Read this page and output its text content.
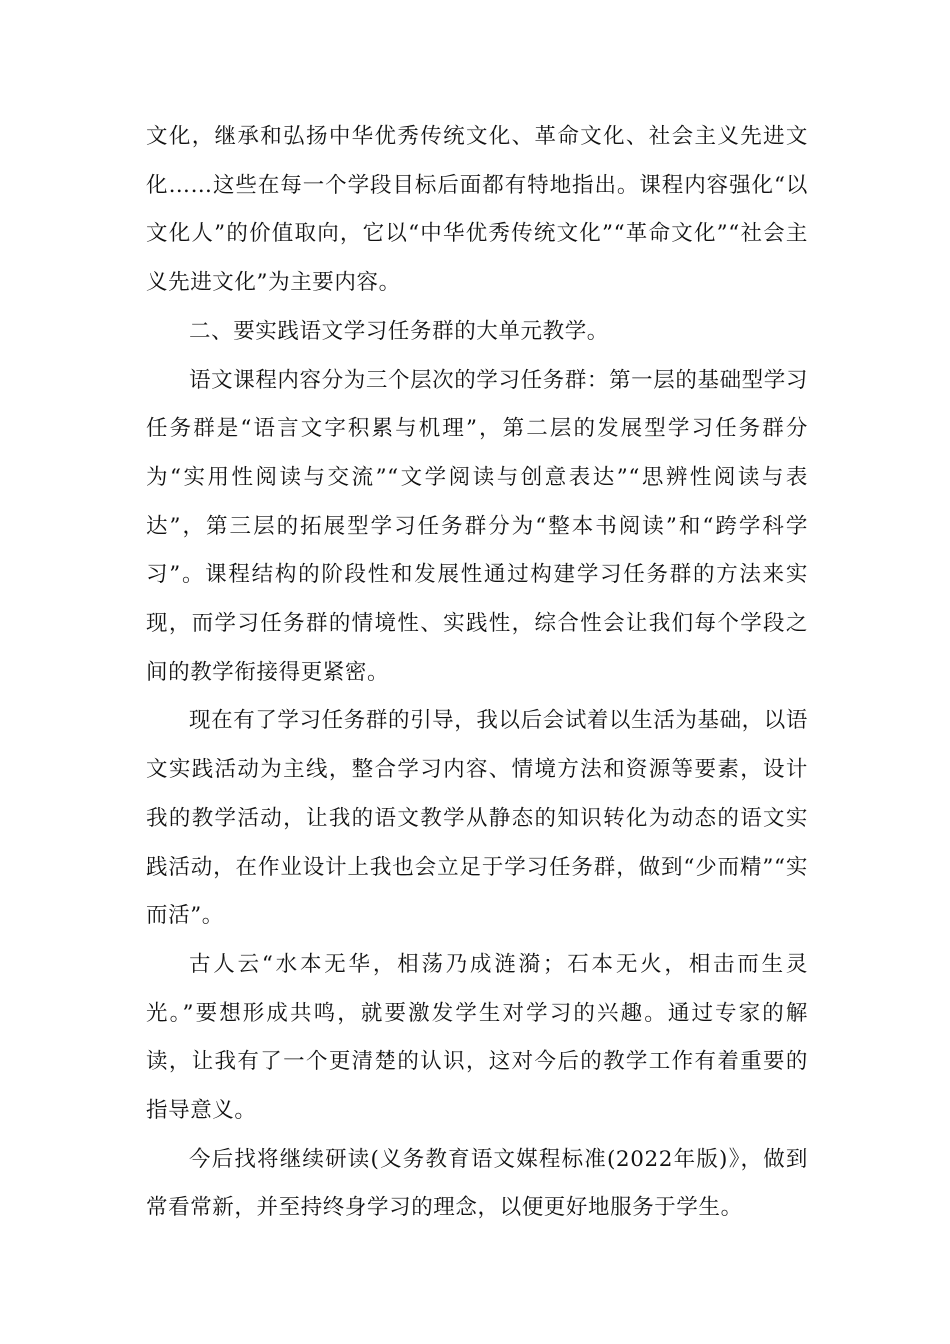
文化，继承和弘扬中华优秀传统文化、革命文化、社会主义先进文化……这些在每一个学段目标后面都有特地指出。课程内容强化“以文化人”的价值取向，它以“中华优秀传统文化”“革命文化”“社会主义先进文化”为主要内容。

二、要实践语文学习任务群的大单元教学。

语文课程内容分为三个层次的学习任务群：第一层的基础型学习任务群是“语言文字积累与机理”，第二层的发展型学习任务群分为“实用性阅读与交流”“文学阅读与创意表达”“思辨性阅读与表达”，第三层的拓展型学习任务群分为“整本书阅读”和“跨学科学习”。课程结构的阶段性和发展性通过构建学习任务群的方法来实现，而学习任务群的情境性、实践性，综合性会让我们每个学段之间的教学衔接得更紧密。

现在有了学习任务群的引导，我以后会试着以生活为基础，以语文实践活动为主线，整合学习内容、情境方法和资源等要素，设计我的教学活动，让我的语文教学从静态的知识转化为动态的语文实践活动，在作业设计上我也会立足于学习任务群，做到“少而精”“实而活”。

古人云“水本无华，相荡乃成涟漪；石本无火，相击而生灵光。”要想形成共鸣，就要激发学生对学习的兴趣。通过专家的解读，让我有了一个更清楚的认识，这对今后的教学工作有着重要的指导意义。

今后找将继续研读(义务教育语文媒程标准(2022年版)》，做到常看常新，并至持终身学习的理念，以便更好地服务于学生。
